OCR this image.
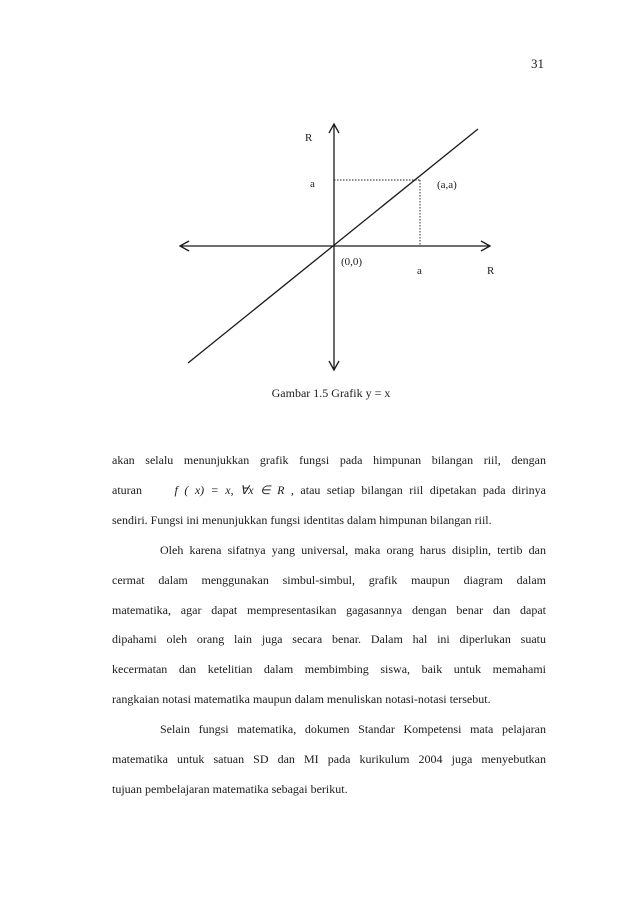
31
R
a	(a,a)
(0,0)
a	R
Gambar 1.5 Grafik y = x

akan selalu menunjukkan grafik fungsi pada himpunan bilangan riil, dengan

aturan	f ( x) = x, ∀x ∈ R , atau setiap bilangan riil dipetakan pada dirinya

sendiri. Fungsi ini menunjukkan fungsi identitas dalam himpunan bilangan riil.

Oleh karena sifatnya yang universal, maka orang harus disiplin, tertib dan

cermat dalam menggunakan simbul-simbul, grafik maupun diagram dalam

matematika, agar dapat mempresentasikan gagasannya dengan benar dan dapat

dipahami oleh orang lain juga secara benar. Dalam hal ini diperlukan suatu

kecermatan dan ketelitian dalam membimbing siswa, baik untuk memahami

rangkaian notasi matematika maupun dalam menuliskan notasi-notasi tersebut.

Selain fungsi matematika, dokumen Standar Kompetensi mata pelajaran

matematika untuk satuan SD dan MI pada kurikulum 2004 juga menyebutkan

tujuan pembelajaran matematika sebagai berikut.
